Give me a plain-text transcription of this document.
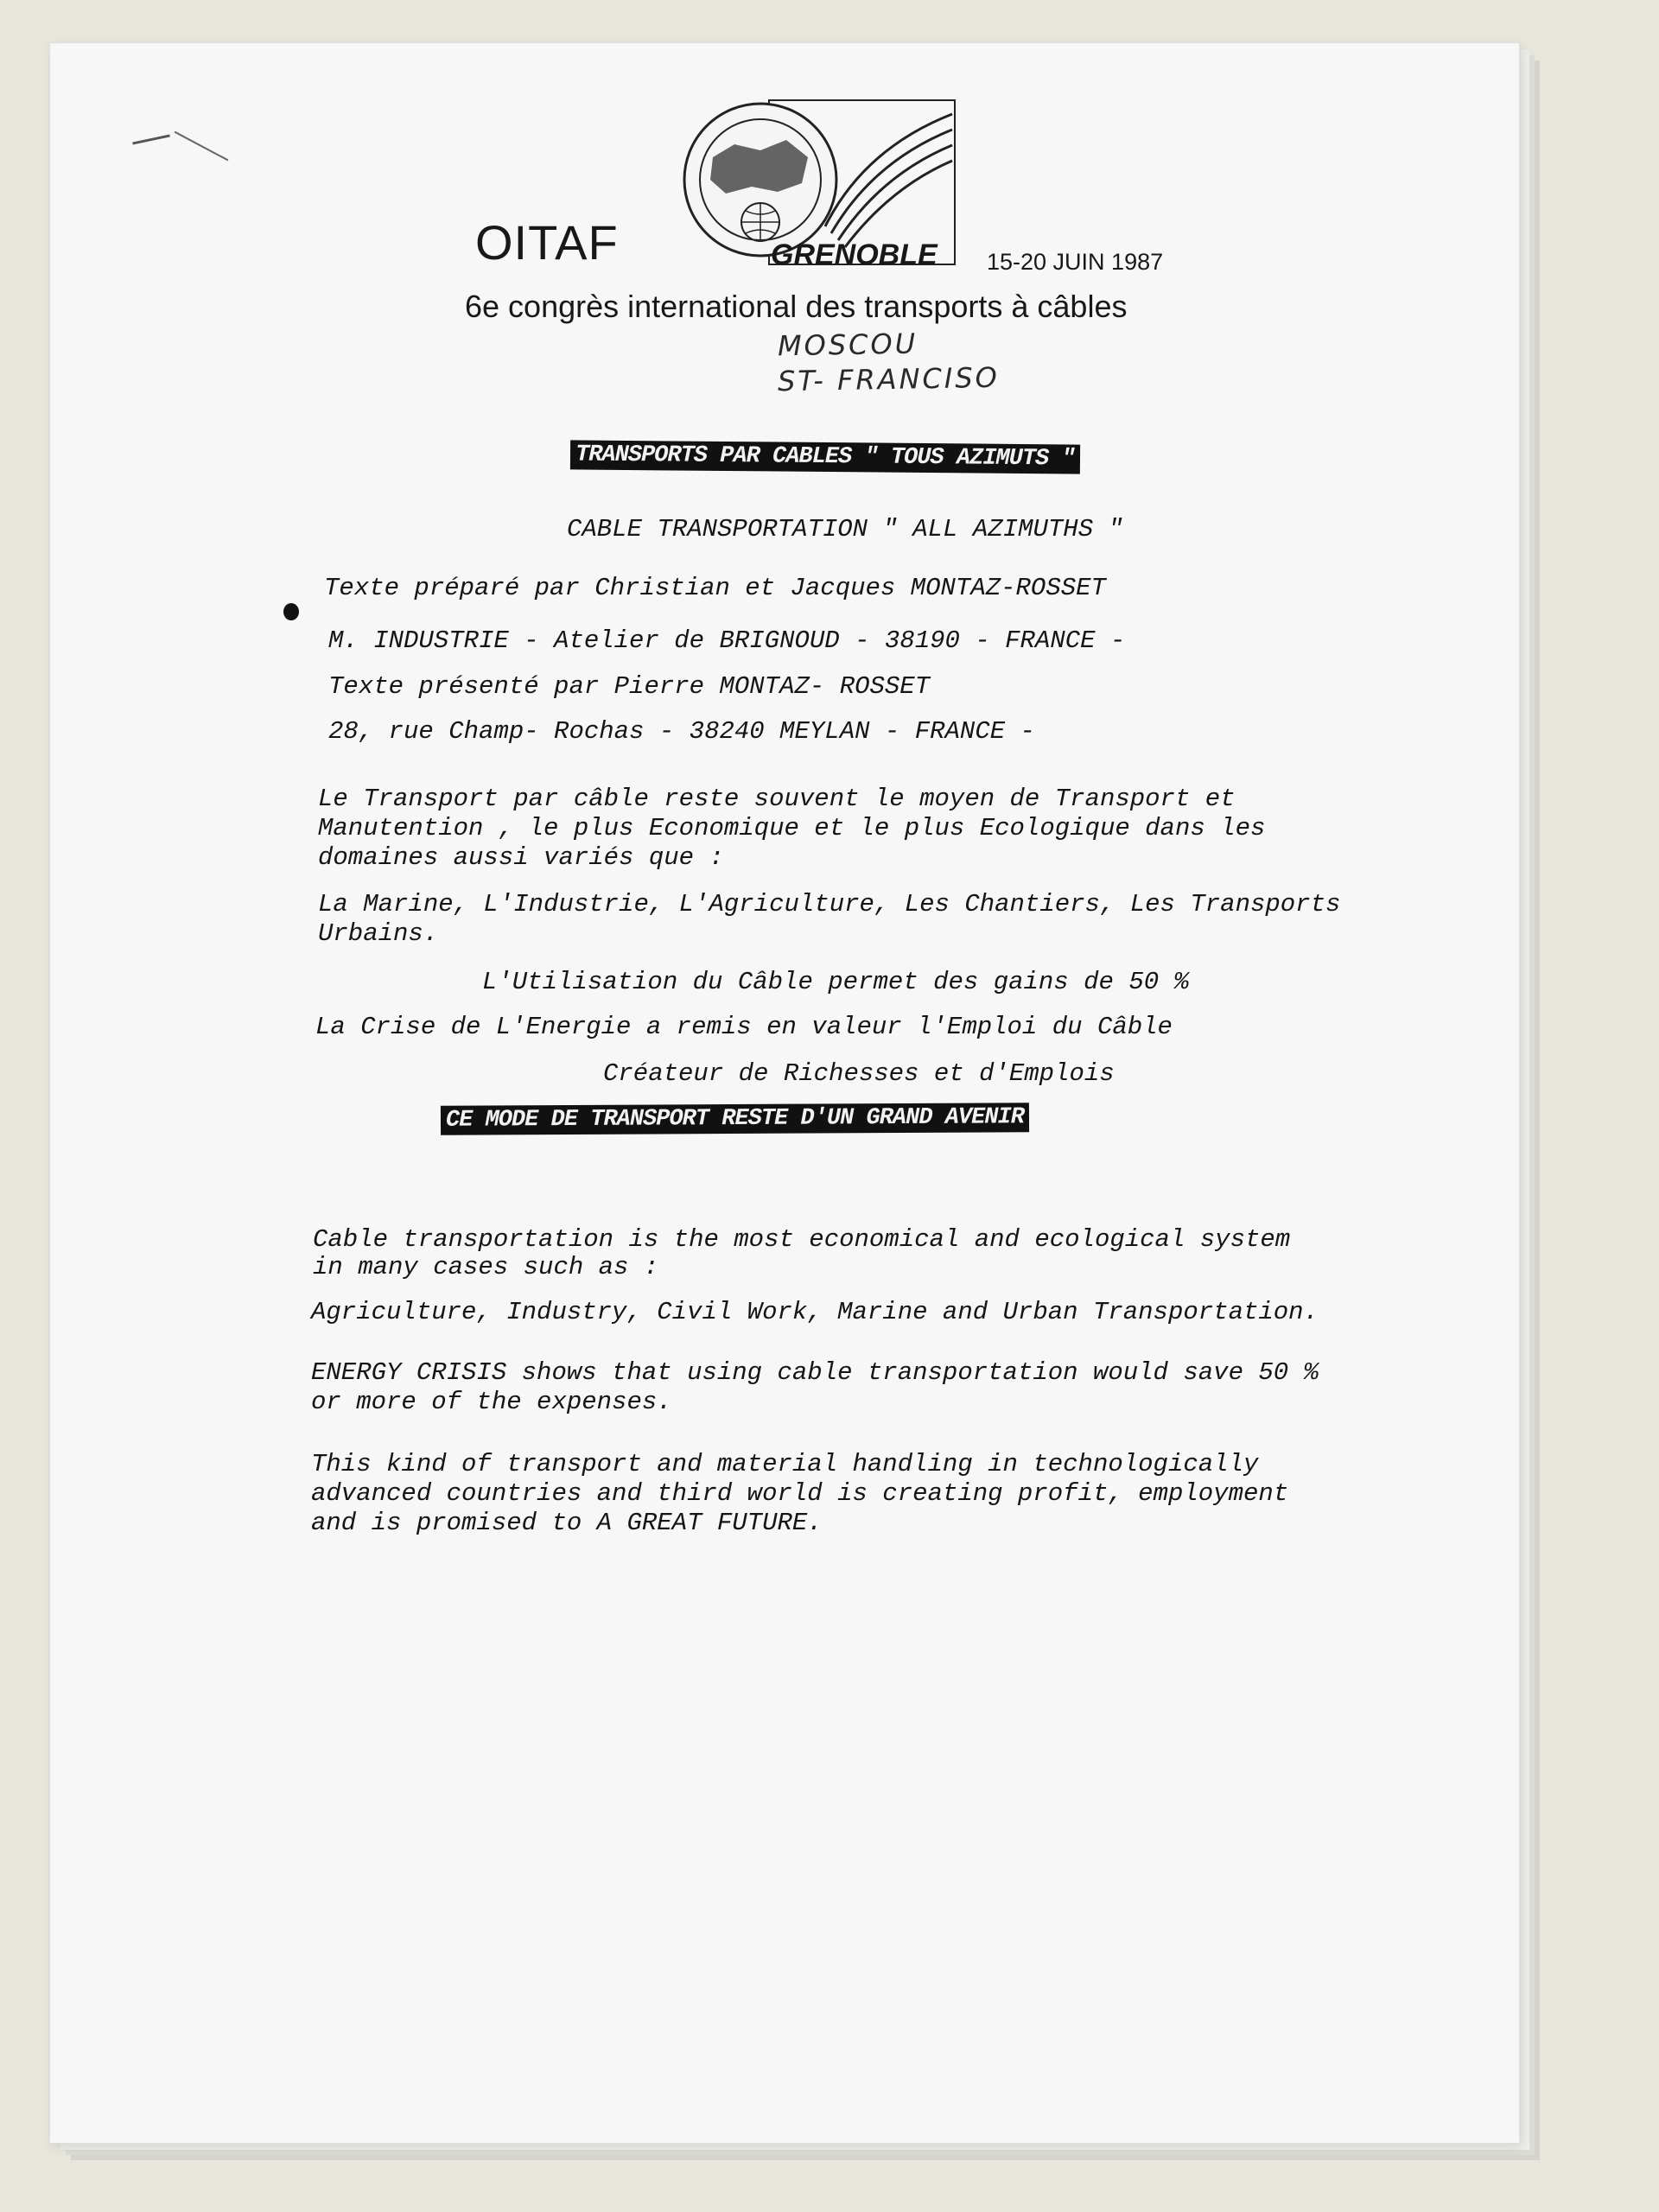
OITAF	GRENOBLE 15-20 JUIN 1987
6e congrès international des transports à câbles
MOSCOU
ST- FRANCISO
TRANSPORTS PAR CABLES " TOUS AZIMUTS "
CABLE TRANSPORTATION " ALL AZIMUTHS "
Texte préparé par Christian et Jacques MONTAZ-ROSSET
M. INDUSTRIE - Atelier de BRIGNOUD - 38190 - FRANCE -
Texte présenté par Pierre MONTAZ- ROSSET
28, rue Champ- Rochas - 38240 MEYLAN - FRANCE -
Le Transport par câble reste souvent le moyen de Transport et
Manutention , le plus Economique et le plus Ecologique dans les
domaines aussi variés que :
La Marine, L'Industrie, L'Agriculture, Les Chantiers, Les Transports
Urbains.
L'Utilisation du Câble permet des gains de 50 %
La Crise de L'Energie a remis en valeur l'Emploi du Câble
Créateur de Richesses et d'Emplois
CE MODE DE TRANSPORT RESTE D'UN GRAND AVENIR
Cable transportation is the most economical and ecological system
in many cases such as :
Agriculture, Industry, Civil Work, Marine and Urban Transportation.
ENERGY CRISIS shows that using cable transportation would save 50 %
or more of the expenses.
This kind of transport and material handling in technologically
advanced countries and third world is creating profit, employment
and is promised to A GREAT FUTURE.
